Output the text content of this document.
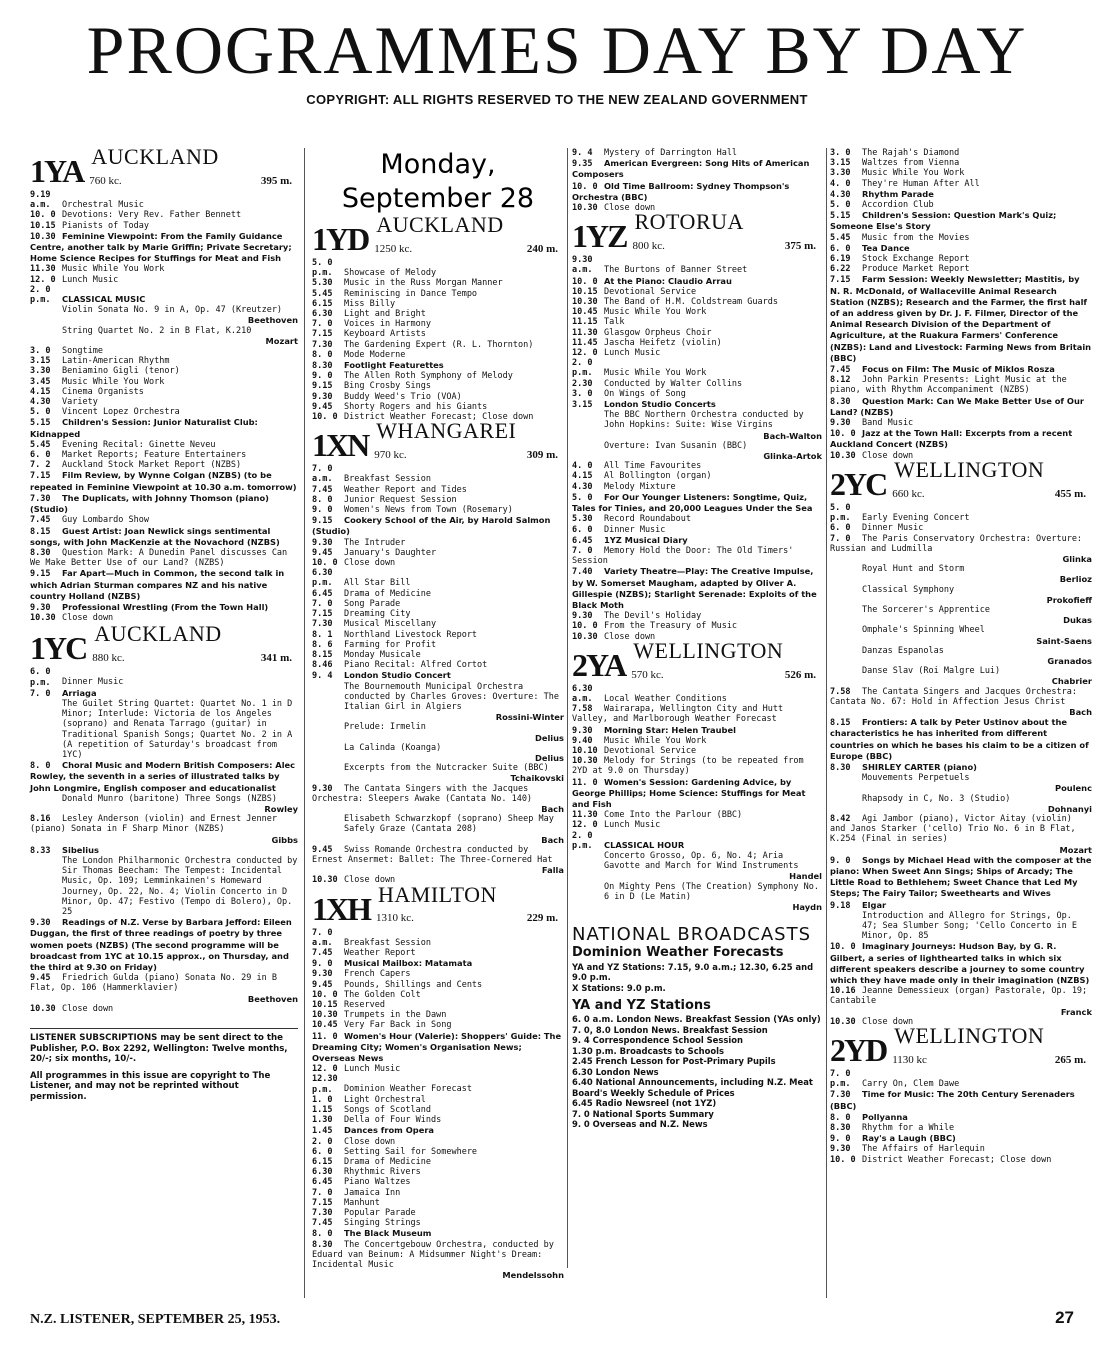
PROGRAMMES DAY BY DAY
COPYRIGHT: ALL RIGHTS RESERVED TO THE NEW ZEALAND GOVERNMENT
1YA AUCKLAND
760 kc.	395 m.
9.19 a.m. Orchestral Music
10. 0 Devotions: Very Rev. Father Bennett
10.15 Pianists of Today
10.30 Feminine Viewpoint: From the Family Guidance Centre, another talk by Marie Griffin; Private Secretary; Home Science Recipes for Stuffings for Meat and Fish
11.30 Music While You Work
12. 0 Lunch Music
2. 0 p.m. CLASSICAL MUSIC
Violin Sonata No. 9 in A, Op. 47 (Kreutzer)
Beethoven
String Quartet No. 2 in B Flat, K.210
Mozart
3. 0 Songtime
3.15 Latin-American Rhythm
3.30 Beniamino Gigli (tenor)
3.45 Music While You Work
4.15 Cinema Organists
4.30 Variety
5. 0 Vincent Lopez Orchestra
5.15 Children's Session: Junior Naturalist Club: Kidnapped
5.45 Evening Recital: Ginette Neveu
6. 0 Market Reports; Feature Entertainers
7. 2 Auckland Stock Market Report (NZBS)
7.15 Film Review, by Wynne Colgan (NZBS) (to be repeated in Feminine Viewpoint at 10.30 a.m. tomorrow)
7.30 The Duplicats, with Johnny Thomson (piano) (Studio)
7.45 Guy Lombardo Show
8.15 Guest Artist: Joan Newlick sings sentimental songs, with John MacKenzie at the Novachord (NZBS)
8.30 Question Mark: A Dunedin Panel discusses Can We Make Better Use of our Land? (NZBS)
9.15 Far Apart—Much in Common, the second talk in which Adrian Sturman compares NZ and his native country Holland (NZBS)
9.30 Professional Wrestling (From the Town Hall)
10.30 Close down
1YC AUCKLAND
880 kc.	341 m.
6. 0 p.m. Dinner Music
7. 0 Arriaga
The Guilet String Quartet: Quartet No. 1 in D Minor; Interlude: Victoria de los Angeles (soprano) and Renata Tarrago (guitar) in Traditional Spanish Songs; Quartet No. 2 in A (A repetition of Saturday's broadcast from 1YC)
8. 0 Choral Music and Modern British Composers: Alec Rowley, the seventh in a series of illustrated talks by John Longmire, English composer and educationalist
Donald Munro (baritone) Three Songs (NZBS)
Rowley
8.16 Lesley Anderson (violin) and Ernest Jenner (piano) Sonata in F Sharp Minor (NZBS)
Gibbs
8.33 Sibelius
The London Philharmonic Orchestra conducted by Sir Thomas Beecham: The Tempest: Incidental Music, Op. 109; Lemminkainen's Homeward Journey, Op. 22, No. 4; Violin Concerto in D Minor, Op. 47; Festivo (Tempo di Bolero), Op. 25
9.30 Readings of N.Z. Verse by Barbara Jefford: Eileen Duggan, the first of three readings of poetry by three women poets (NZBS) (The second programme will be broadcast from 1YC at 10.15 approx., on Thursday, and the third at 9.30 on Friday)
9.45 Friedrich Gulda (piano) Sonata No. 29 in B Flat, Op. 106 (Hammerklavier)
Beethoven
10.30 Close down
LISTENER SUBSCRIPTIONS may be sent direct to the Publisher, P.O. Box 2292, Wellington: Twelve months, 20/-; six months, 10/-.
All programmes in this issue are copyright to The Listener, and may not be reprinted without permission.
Monday, September 28
1YD AUCKLAND
1250 kc.	240 m.
5. 0 p.m. Showcase of Melody
5.30 Music in the Russ Morgan Manner
5.45 Reminiscing in Dance Tempo
6.15 Miss Billy
6.30 Light and Bright
7. 0 Voices in Harmony
7.15 Keyboard Artists
7.30 The Gardening Expert (R. L. Thornton)
8. 0 Mode Moderne
8.30 Footlight Featurettes
9. 0 The Allen Roth Symphony of Melody
9.15 Bing Crosby Sings
9.30 Buddy Weed's Trio (VOA)
9.45 Shorty Rogers and his Giants
10. 0 District Weather Forecast; Close down
1XN WHANGAREI
970 kc.	309 m.
7. 0 a.m. Breakfast Session
7.45 Weather Report and Tides
8. 0 Junior Request Session
9. 0 Women's News from Town (Rosemary)
9.15 Cookery School of the Air, by Harold Salmon (Studio)
9.30 The Intruder
9.45 January's Daughter
10. 0 Close down
6.30 p.m. All Star Bill
6.45 Drama of Medicine
7. 0 Song Parade
7.15 Dreaming City
7.30 Musical Miscellany
8. 1 Northland Livestock Report
8. 6 Farming for Profit
8.15 Monday Musicale
8.46 Piano Recital: Alfred Cortot
9. 4 London Studio Concert
The Bournemouth Municipal Orchestra conducted by Charles Groves: Overture: The Italian Girl in Algiers
Rossini-Winter
Prelude: Irmelin
Delius
La Calinda (Koanga)
Delius
Excerpts from the Nutcracker Suite (BBC)
Tchaikovski
9.30 The Cantata Singers with the Jacques Orchestra: Sleepers Awake (Cantata No. 140)
Bach
Elisabeth Schwarzkopf (soprano) Sheep May Safely Graze (Cantata 208)
Bach
9.45 Swiss Romande Orchestra conducted by Ernest Ansermet: Ballet: The Three-Cornered Hat
Falla
10.30 Close down
1XH HAMILTON
1310 kc.	229 m.
7. 0 a.m. Breakfast Session
7.45 Weather Report
9. 0 Musical Mailbox: Matamata
9.30 French Capers
9.45 Pounds, Shillings and Cents
10. 0 The Golden Colt
10.15 Reserved
10.30 Trumpets in the Dawn
10.45 Very Far Back in Song
11. 0 Women's Hour (Valerie): Shoppers' Guide: The Dreaming City; Women's Organisation News; Overseas News
12. 0 Lunch Music
12.30 p.m. Dominion Weather Forecast
1. 0 Light Orchestral
1.15 Songs of Scotland
1.30 Della of Four Winds
1.45 Dances from Opera
2. 0 Close down
6. 0 Setting Sail for Somewhere
6.15 Drama of Medicine
6.30 Rhythmic Rivers
6.45 Piano Waltzes
7. 0 Jamaica Inn
7.15 Manhunt
7.30 Popular Parade
7.45 Singing Strings
8. 0 The Black Museum
8.30 The Concertgebouw Orchestra, conducted by Eduard van Beinum: A Midsummer Night's Dream: Incidental Music
Mendelssohn
9. 4 Mystery of Darrington Hall
9.35 American Evergreen: Song Hits of American Composers
10. 0 Old Time Ballroom: Sydney Thompson's Orchestra (BBC)
10.30 Close down
1YZ ROTORUA
800 kc.	375 m.
9.30 a.m. The Burtons of Banner Street
10. 0 At the Piano: Claudio Arrau
10.15 Devotional Service
10.30 The Band of H.M. Coldstream Guards
10.45 Music While You Work
11.15 Talk
11.30 Glasgow Orpheus Choir
11.45 Jascha Heifetz (violin)
12. 0 Lunch Music
2. 0 p.m. Music While You Work
2.30 Conducted by Walter Collins
3. 0 On Wings of Song
3.15 London Studio Concerts
The BBC Northern Orchestra conducted by John Hopkins: Suite: Wise Virgins
Bach-Walton
Overture: Ivan Susanin (BBC)
Glinka-Artok
4. 0 All Time Favourites
4.15 Al Bollington (organ)
4.30 Melody Mixture
5. 0 For Our Younger Listeners: Songtime, Quiz, Tales for Tinies, and 20,000 Leagues Under the Sea
5.30 Record Roundabout
6. 0 Dinner Music
6.45 1YZ Musical Diary
7. 0 Memory Hold the Door: The Old Timers' Session
7.40 Variety Theatre—Play: The Creative Impulse, by W. Somerset Maugham, adapted by Oliver A. Gillespie (NZBS); Starlight Serenade: Exploits of the Black Moth
9.30 The Devil's Holiday
10. 0 From the Treasury of Music
10.30 Close down
2YA WELLINGTON
570 kc.	526 m.
6.30 a.m. Local Weather Conditions
7.58 Wairarapa, Wellington City and Hutt Valley, and Marlborough Weather Forecast
9.30 Morning Star: Helen Traubel
9.40 Music While You Work
10.10 Devotional Service
10.30 Melody for Strings (to be repeated from 2YD at 9.0 on Thursday)
11. 0 Women's Session: Gardening Advice, by George Phillips; Home Science: Stuffings for Meat and Fish
11.30 Come Into the Parlour (BBC)
12. 0 Lunch Music
2. 0 p.m. CLASSICAL HOUR
Concerto Grosso, Op. 6, No. 4; Aria Gavotte and March for Wind Instruments
Handel
On Mighty Pens (The Creation) Symphony No. 6 in D (Le Matin)
Haydn
NATIONAL BROADCASTS
Dominion Weather Forecasts
YA and YZ Stations: 7.15, 9.0 a.m.; 12.30, 6.25 and 9.0 p.m.
X Stations: 9.0 p.m.
YA and YZ Stations
6. 0 a.m. London News. Breakfast Session (YAs only)
7. 0, 8.0 London News. Breakfast Session
9. 4 Correspondence School Session
1.30 p.m. Broadcasts to Schools
2.45 French Lesson for Post-Primary Pupils
6.30 London News
6.40 National Announcements, including N.Z. Meat Board's Weekly Schedule of Prices
6.45 Radio Newsreel (not 1YZ)
7. 0 National Sports Summary
9. 0 Overseas and N.Z. News
3. 0 The Rajah's Diamond
3.15 Waltzes from Vienna
3.30 Music While You Work
4. 0 They're Human After All
4.30 Rhythm Parade
5. 0 Accordion Club
5.15 Children's Session: Question Mark's Quiz; Someone Else's Story
5.45 Music from the Movies
6. 0 Tea Dance
6.19 Stock Exchange Report
6.22 Produce Market Report
7.15 Farm Session: Weekly Newsletter; Mastitis, by N. R. McDonald, of Wallaceville Animal Research Station (NZBS); Research and the Farmer, the first half of an address given by Dr. J. F. Filmer, Director of the Animal Research Division of the Department of Agriculture, at the Ruakura Farmers' Conference (NZBS): Land and Livestock: Farming News from Britain (BBC)
7.45 Focus on Film: The Music of Miklos Rosza
8.12 John Parkin Presents: Light Music at the piano, with Rhythm Accompaniment (NZBS)
8.30 Question Mark: Can We Make Better Use of Our Land? (NZBS)
9.30 Band Music
10. 0 Jazz at the Town Hall: Excerpts from a recent Auckland Concert (NZBS)
10.30 Close down
2YC WELLINGTON
660 kc.	455 m.
5. 0 p.m. Early Evening Concert
6. 0 Dinner Music
7. 0 The Paris Conservatory Orchestra: Overture: Russian and Ludmilla
Glinka
Royal Hunt and Storm
Berlioz
Classical Symphony
Prokofieff
The Sorcerer's Apprentice
Dukas
Omphale's Spinning Wheel
Saint-Saens
Danzas Espanolas
Granados
Danse Slav (Roi Malgre Lui)
Chabrier
7.58 The Cantata Singers and Jacques Orchestra: Cantata No. 67: Hold in Affection Jesus Christ
Bach
8.15 Frontiers: A talk by Peter Ustinov about the characteristics he has inherited from different countries on which he bases his claim to be a citizen of Europe (BBC)
8.30 SHIRLEY CARTER (piano)
Mouvements Perpetuels
Poulenc
Rhapsody in C, No. 3 (Studio)
Dohnanyi
8.42 Agi Jambor (piano), Victor Aitay (violin) and Janos Starker ('cello) Trio No. 6 in B Flat, K.254 (Final in series)
Mozart
9. 0 Songs by Michael Head with the composer at the piano: When Sweet Ann Sings; Ships of Arcady; The Little Road to Bethlehem; Sweet Chance that Led My Steps; The Fairy Tailor; Sweethearts and Wives
9.18 Elgar
Introduction and Allegro for Strings, Op. 47; Sea Slumber Song; 'Cello Concerto in E Minor, Op. 85
10. 0 Imaginary Journeys: Hudson Bay, by G. R. Gilbert, a series of lighthearted talks in which six different speakers describe a journey to some country which they have made only in their imagination (NZBS)
10.16 Jeanne Demessieux (organ) Pastorale, Op. 19; Cantabile
Franck
10.30 Close down
2YD WELLINGTON
1130 kc	265 m.
7. 0 p.m. Carry On, Clem Dawe
7.30 Time for Music: The 20th Century Serenaders (BBC)
8. 0 Pollyanna
8.30 Rhythm for a While
9. 0 Ray's a Laugh (BBC)
9.30 The Affairs of Harlequin
10. 0 District Weather Forecast; Close down
N.Z. LISTENER, SEPTEMBER 25, 1953.	27
